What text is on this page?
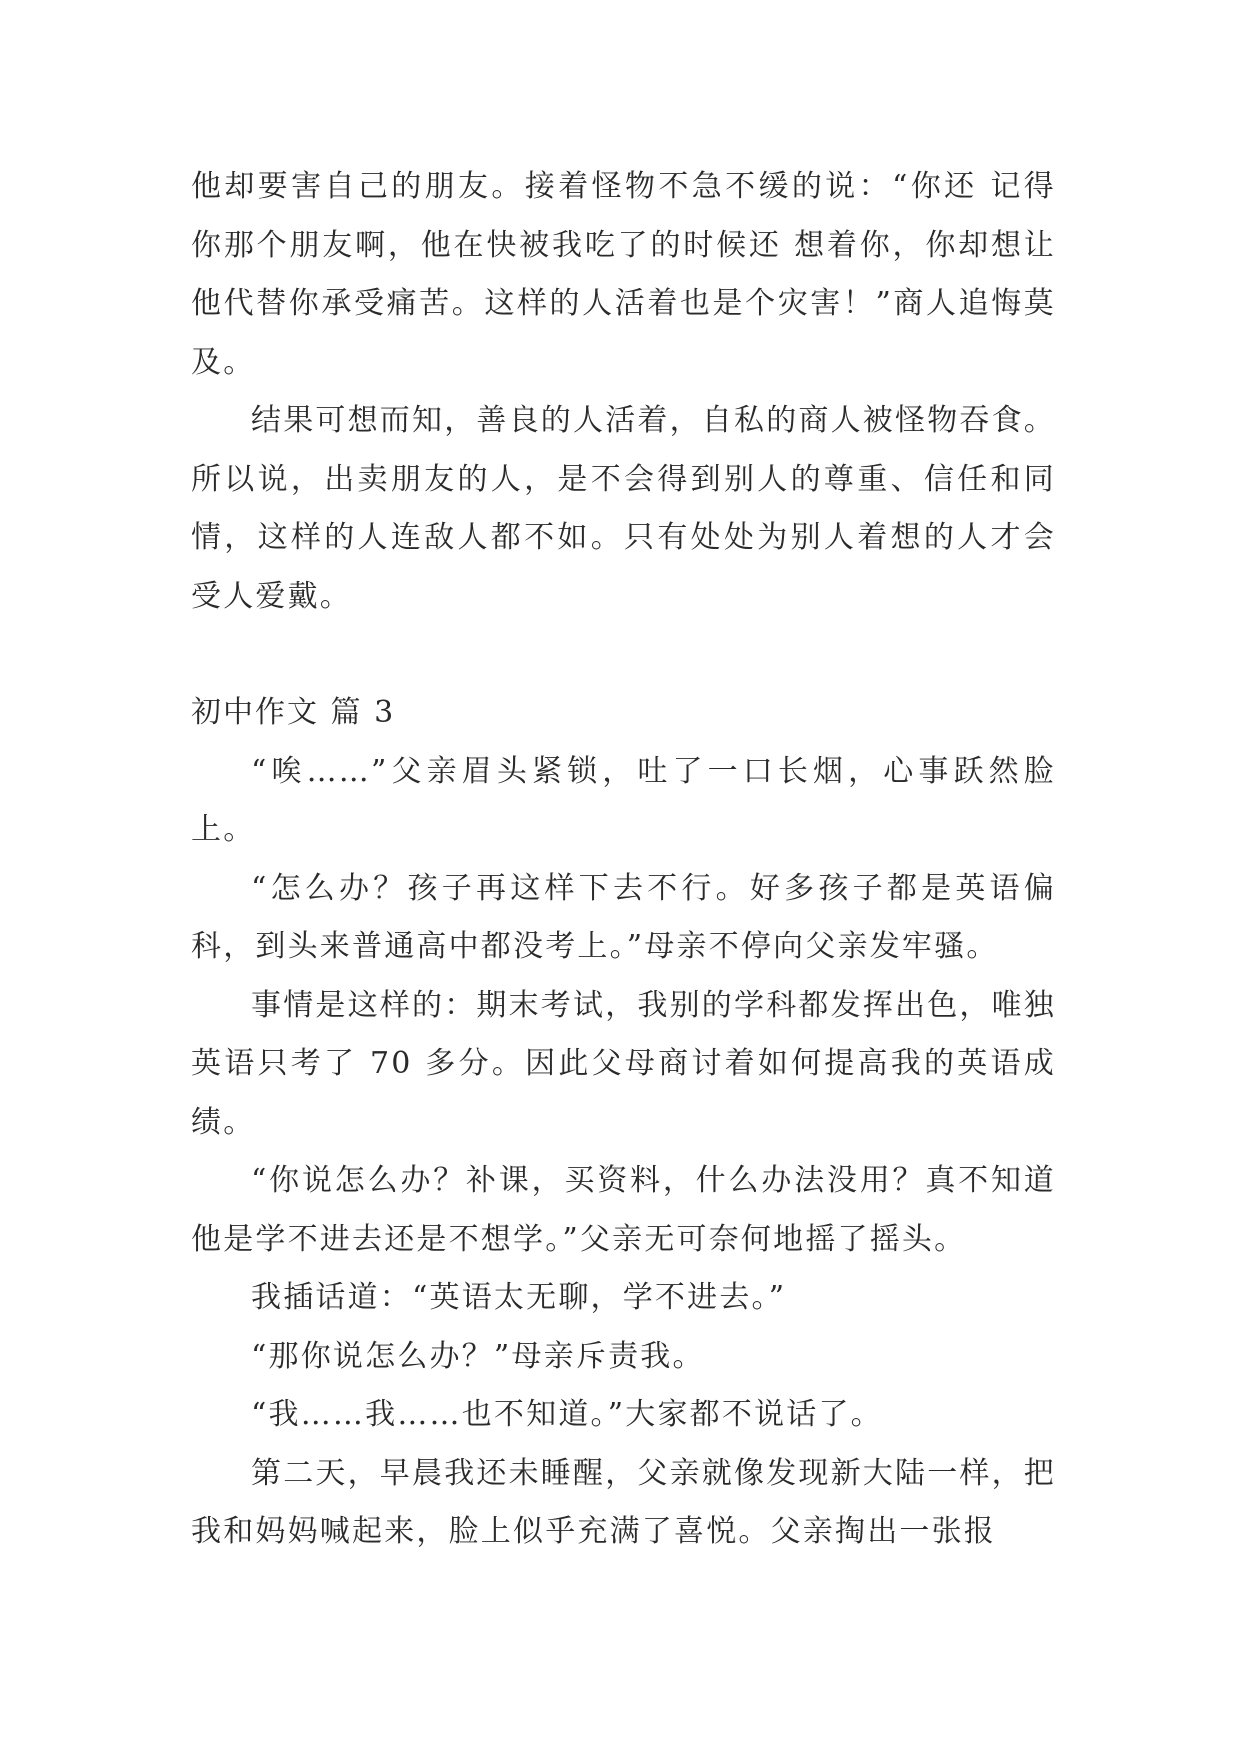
他却要害自己的朋友。接着怪物不急不缓的说：“你还 记得你那个朋友啊，他在快被我吃了的时候还 想着你，你却想让他代替你承受痛苦。这样的人活着也是个灾害！”商人追悔莫及。

结果可想而知，善良的人活着，自私的商人被怪物吞食。所以说，出卖朋友的人，是不会得到别人的尊重、信任和同情，这样的人连敌人都不如。只有处处为别人着想的人才会受人爱戴。

初中作文 篇 3

“唉……”父亲眉头紧锁，吐了一口长烟，心事跃然脸上。

“怎么办？孩子再这样下去不行。好多孩子都是英语偏科，到头来普通高中都没考上。”母亲不停向父亲发牢骚。

事情是这样的：期末考试，我别的学科都发挥出色，唯独英语只考了 70 多分。因此父母商讨着如何提高我的英语成绩。

“你说怎么办？补课，买资料，什么办法没用？真不知道他是学不进去还是不想学。”父亲无可奈何地摇了摇头。

我插话道：“英语太无聊，学不进去。”

“那你说怎么办？”母亲斥责我。

“我……我……也不知道。”大家都不说话了。

第二天，早晨我还未睡醒，父亲就像发现新大陆一样，把我和妈妈喊起来，脸上似乎充满了喜悦。父亲掏出一张报
